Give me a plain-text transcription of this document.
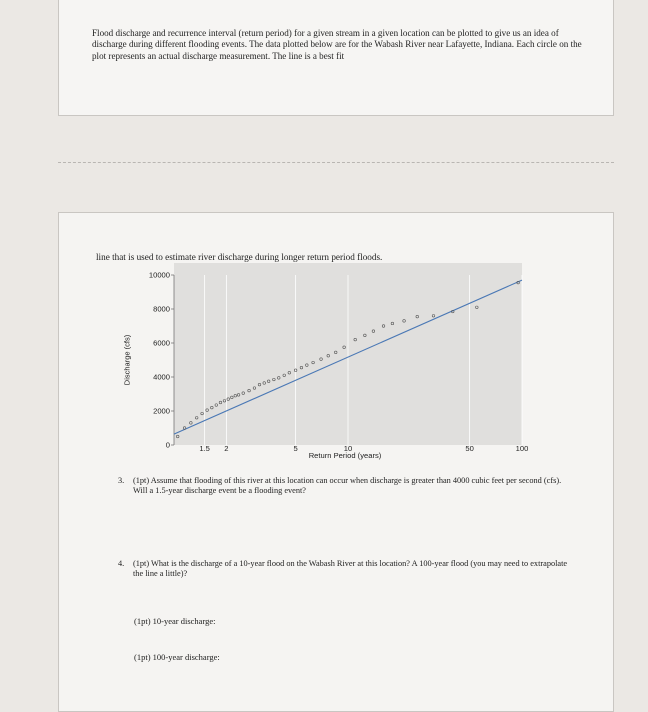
Flood discharge and recurrence interval (return period) for a given stream in a given location can be plotted to give us an idea of discharge during different flooding events. The data plotted below are for the Wabash River near Lafayette, Indiana. Each circle on the plot represents an actual discharge measurement. The line is a best fit

line that is used to estimate river discharge during longer return period floods.
Discharge (cfs)
0
2000
4000
6000
8000
10000
1.5 2	5	10	50	100
Return Period (years)
3.	(1pt) Assume that flooding of this river at this location can occur when discharge is greater than 4000 cubic feet per second (cfs). Will a 1.5-year discharge event be a flooding event?
4.	(1pt) What is the discharge of a 10-year flood on the Wabash River at this location? A 100-year flood (you may need to extrapolate the line a little)?
(1pt) 10-year discharge:
(1pt) 100-year discharge:
